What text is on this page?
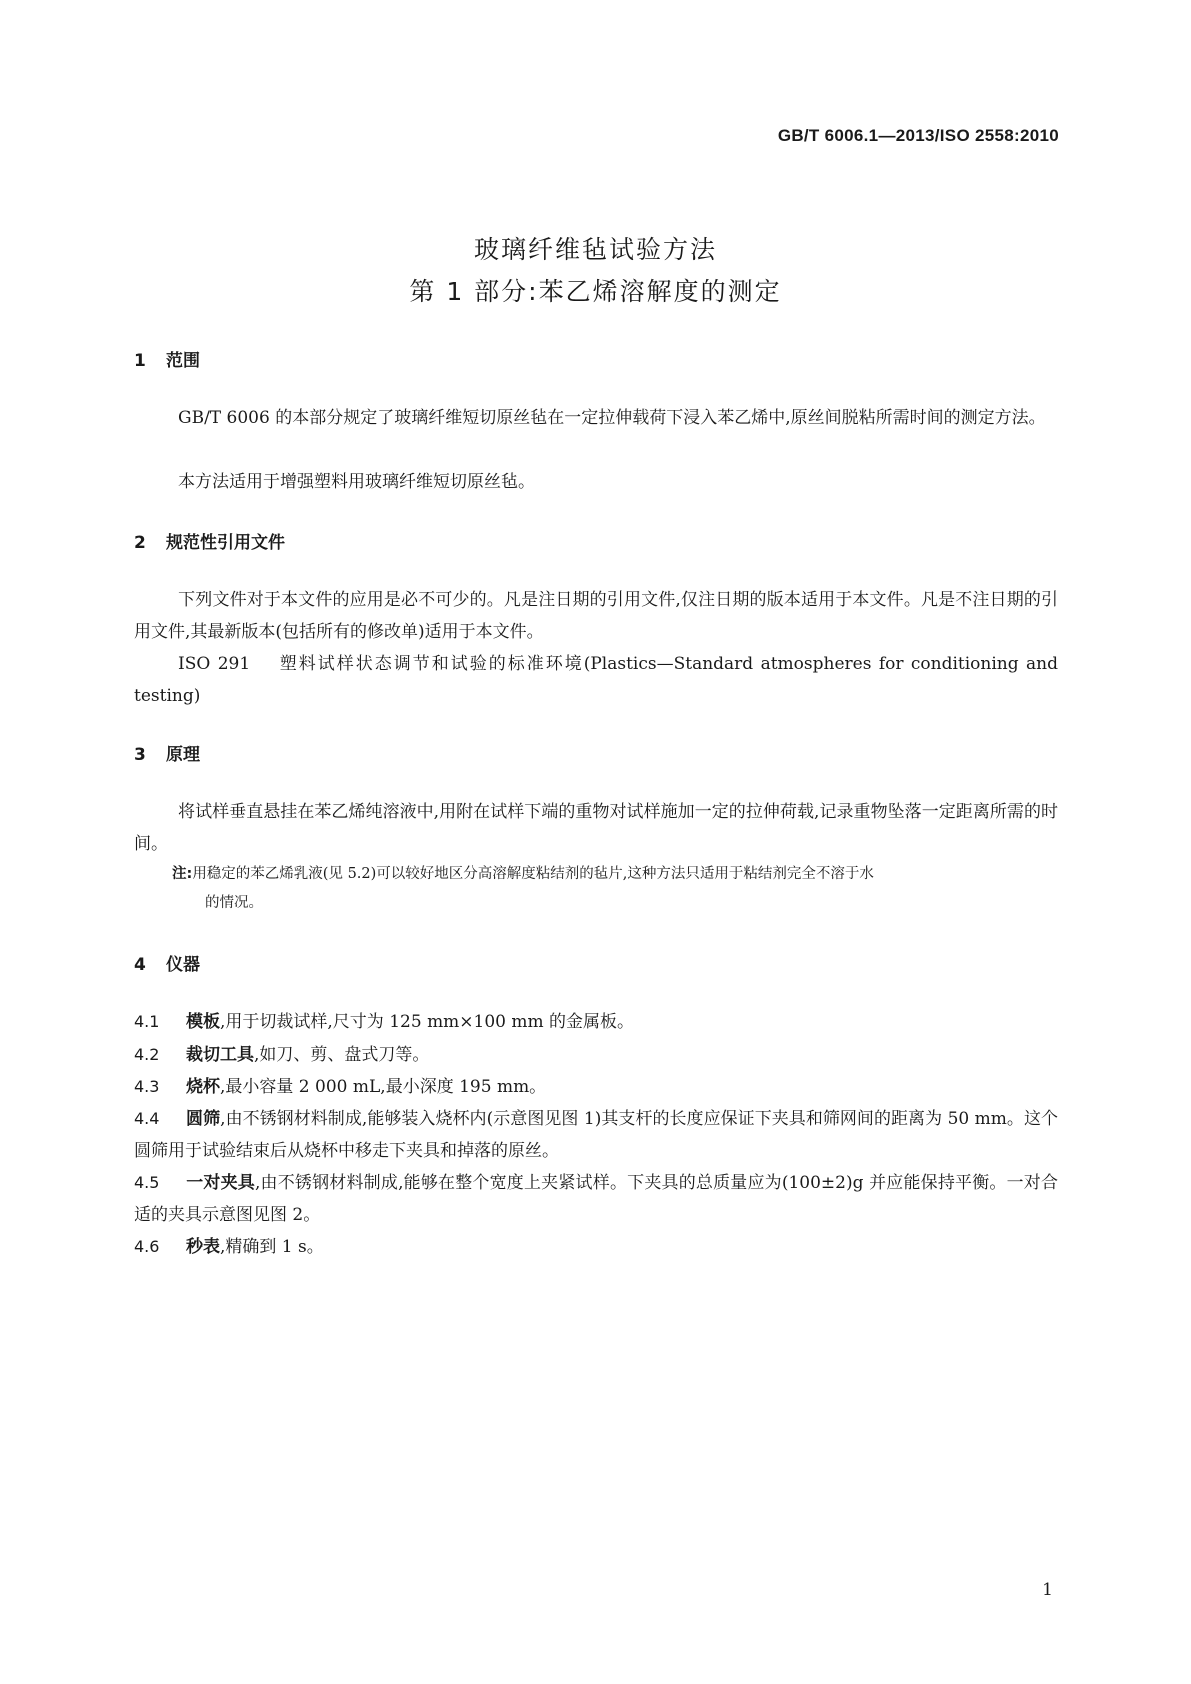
GB/T 6006.1—2013/ISO 2558:2010
玻璃纤维毡试验方法
第 1 部分:苯乙烯溶解度的测定
1 范围
GB/T 6006 的本部分规定了玻璃纤维短切原丝毡在一定拉伸载荷下浸入苯乙烯中,原丝间脱粘所需时间的测定方法。
本方法适用于增强塑料用玻璃纤维短切原丝毡。
2 规范性引用文件
下列文件对于本文件的应用是必不可少的。凡是注日期的引用文件,仅注日期的版本适用于本文件。凡是不注日期的引用文件,其最新版本(包括所有的修改单)适用于本文件。
ISO 291 塑料试样状态调节和试验的标准环境(Plastics—Standard atmospheres for conditioning and testing)
3 原理
将试样垂直悬挂在苯乙烯纯溶液中,用附在试样下端的重物对试样施加一定的拉伸荷载,记录重物坠落一定距离所需的时间。
注:用稳定的苯乙烯乳液(见 5.2)可以较好地区分高溶解度粘结剂的毡片,这种方法只适用于粘结剂完全不溶于水
的情况。
4 仪器
4.1 模板,用于切裁试样,尺寸为 125 mm×100 mm 的金属板。
4.2 裁切工具,如刀、剪、盘式刀等。
4.3 烧杯,最小容量 2 000 mL,最小深度 195 mm。
4.4 圆筛,由不锈钢材料制成,能够装入烧杯内(示意图见图 1)其支杆的长度应保证下夹具和筛网间的距离为 50 mm。这个圆筛用于试验结束后从烧杯中移走下夹具和掉落的原丝。
4.5 一对夹具,由不锈钢材料制成,能够在整个宽度上夹紧试样。下夹具的总质量应为(100±2)g 并应能保持平衡。一对合适的夹具示意图见图 2。
4.6 秒表,精确到 1 s。
1
